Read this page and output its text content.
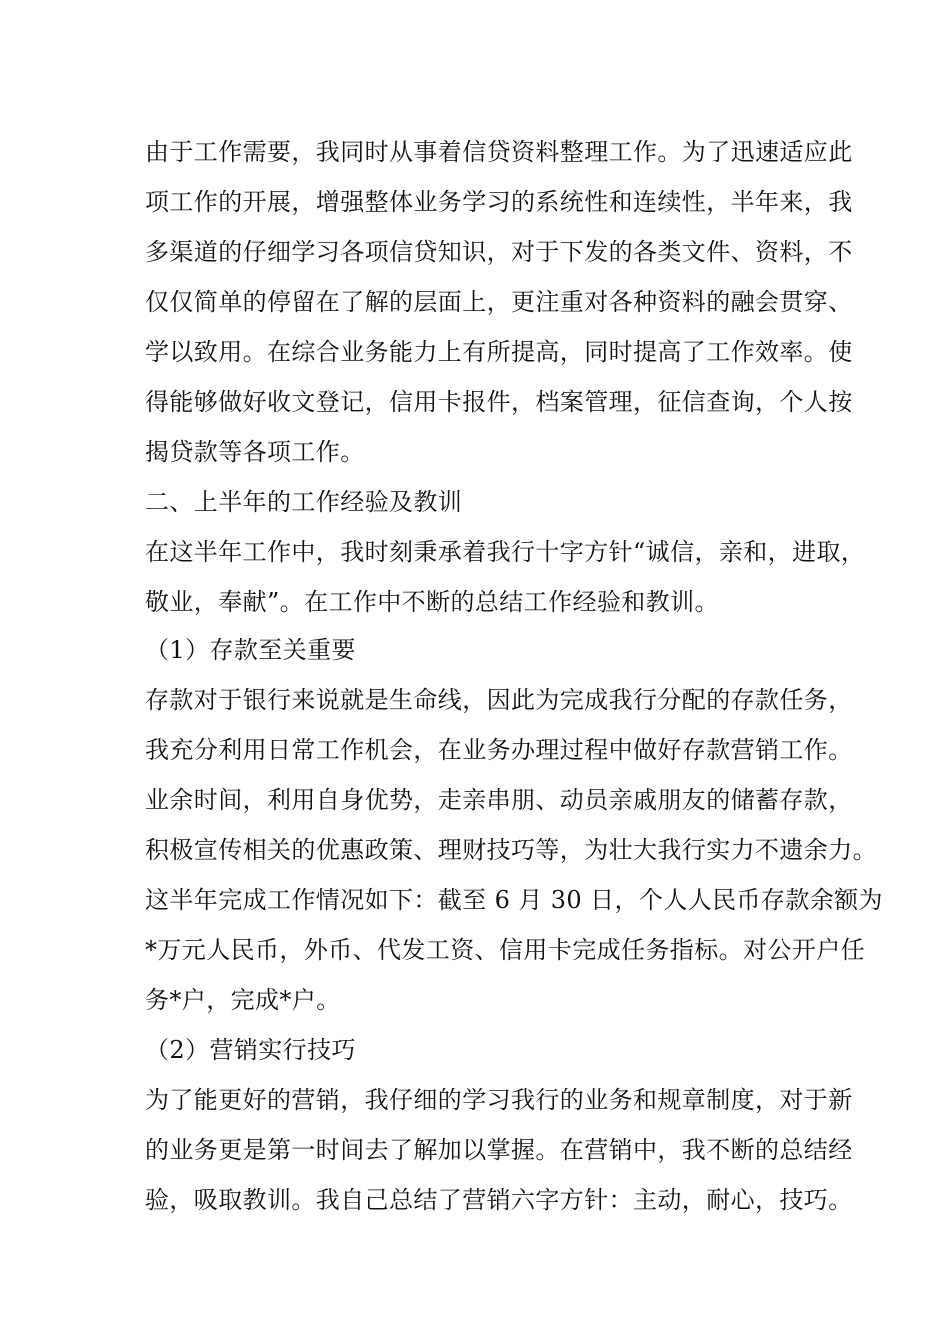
由于工作需要，我同时从事着信贷资料整理工作。为了迅速适应此
项工作的开展，增强整体业务学习的系统性和连续性，半年来，我
多渠道的仔细学习各项信贷知识，对于下发的各类文件、资料，不
仅仅简单的停留在了解的层面上，更注重对各种资料的融会贯穿、
学以致用。在综合业务能力上有所提高，同时提高了工作效率。使
得能够做好收文登记，信用卡报件，档案管理，征信查询，个人按
揭贷款等各项工作。
二、上半年的工作经验及教训
在这半年工作中，我时刻秉承着我行十字方针“诚信，亲和，进取，
敬业，奉献”。在工作中不断的总结工作经验和教训。
（1）存款至关重要
存款对于银行来说就是生命线，因此为完成我行分配的存款任务，
我充分利用日常工作机会，在业务办理过程中做好存款营销工作。
业余时间，利用自身优势，走亲串朋、动员亲戚朋友的储蓄存款，
积极宣传相关的优惠政策、理财技巧等，为壮大我行实力不遗余力。
这半年完成工作情况如下：截至 6 月 30 日，个人人民币存款余额为
*万元人民币，外币、代发工资、信用卡完成任务指标。对公开户任
务*户，完成*户。
（2）营销实行技巧
为了能更好的营销，我仔细的学习我行的业务和规章制度，对于新
的业务更是第一时间去了解加以掌握。在营销中，我不断的总结经
验，吸取教训。我自己总结了营销六字方针：主动，耐心，技巧。
